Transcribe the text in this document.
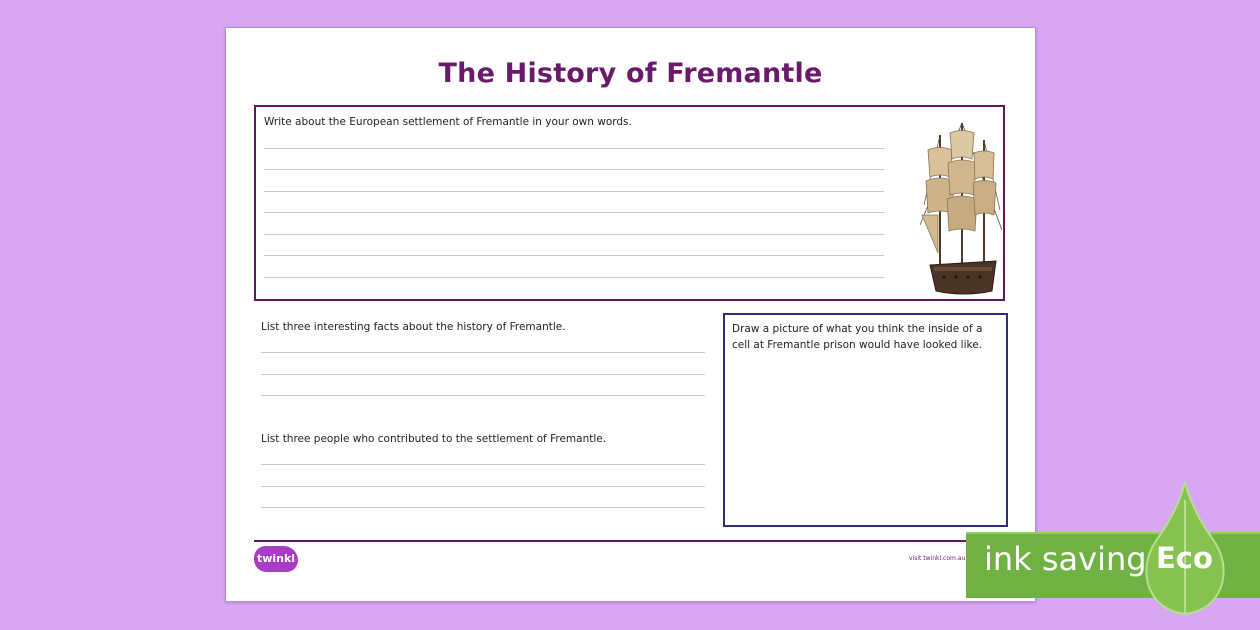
The History of Fremantle
Write about the European settlement of Fremantle in your own words.
List three interesting facts about the history of Fremantle.
List three people who contributed to the settlement of Fremantle.
Draw a picture of what you think the inside of a cell at Fremantle prison would have looked like.
twinkl	visit twinkl.com.au ink saving Eco
